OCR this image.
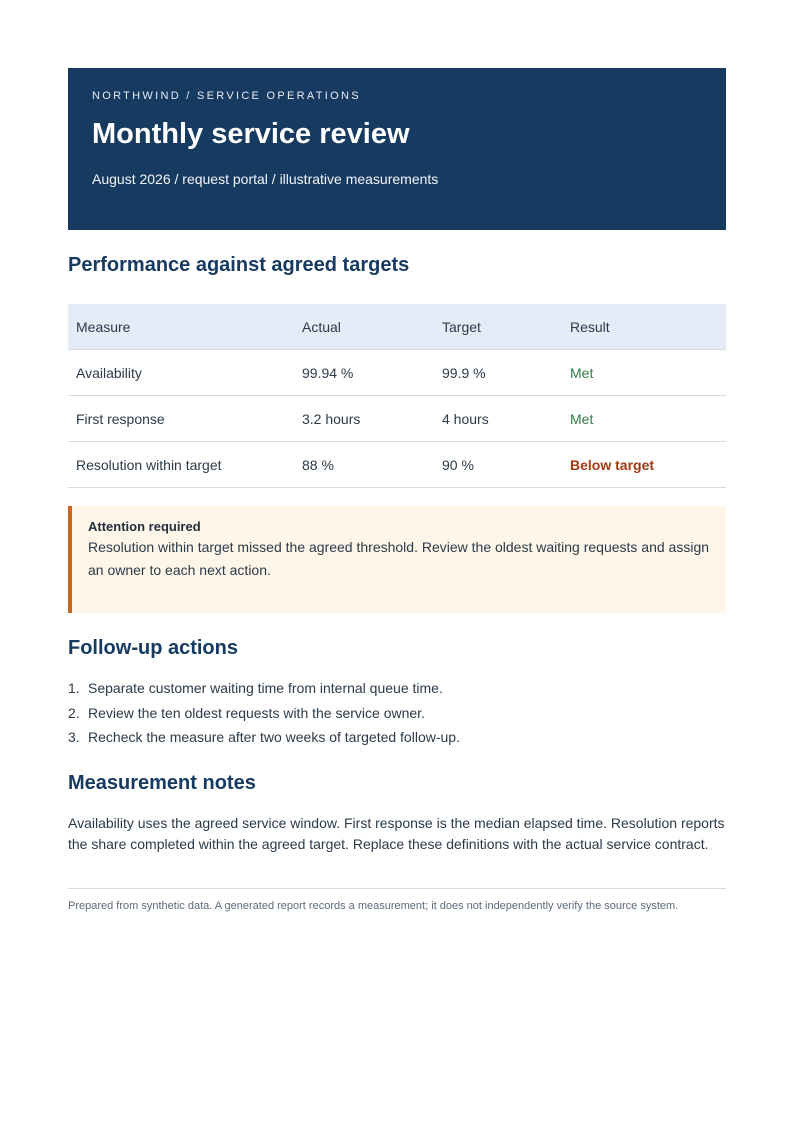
NORTHWIND / SERVICE OPERATIONS
Monthly service review
August 2026 / request portal / illustrative measurements
Performance against agreed targets
Measure	Actual	Target	Result
Availability	99.94 %	99.9 %	Met
First response	3.2 hours	4 hours	Met
Resolution within target	88 %	90 %	Below target
Attention required
Resolution within target missed the agreed threshold. Review the oldest waiting requests and assign
an owner to each next action.
Follow-up actions
1. Separate customer waiting time from internal queue time.
2. Review the ten oldest requests with the service owner.
3. Recheck the measure after two weeks of targeted follow-up.
Measurement notes
Availability uses the agreed service window. First response is the median elapsed time. Resolution reports the share completed within the agreed target. Replace these definitions with the actual service contract.
Prepared from synthetic data. A generated report records a measurement; it does not independently verify the source system.
